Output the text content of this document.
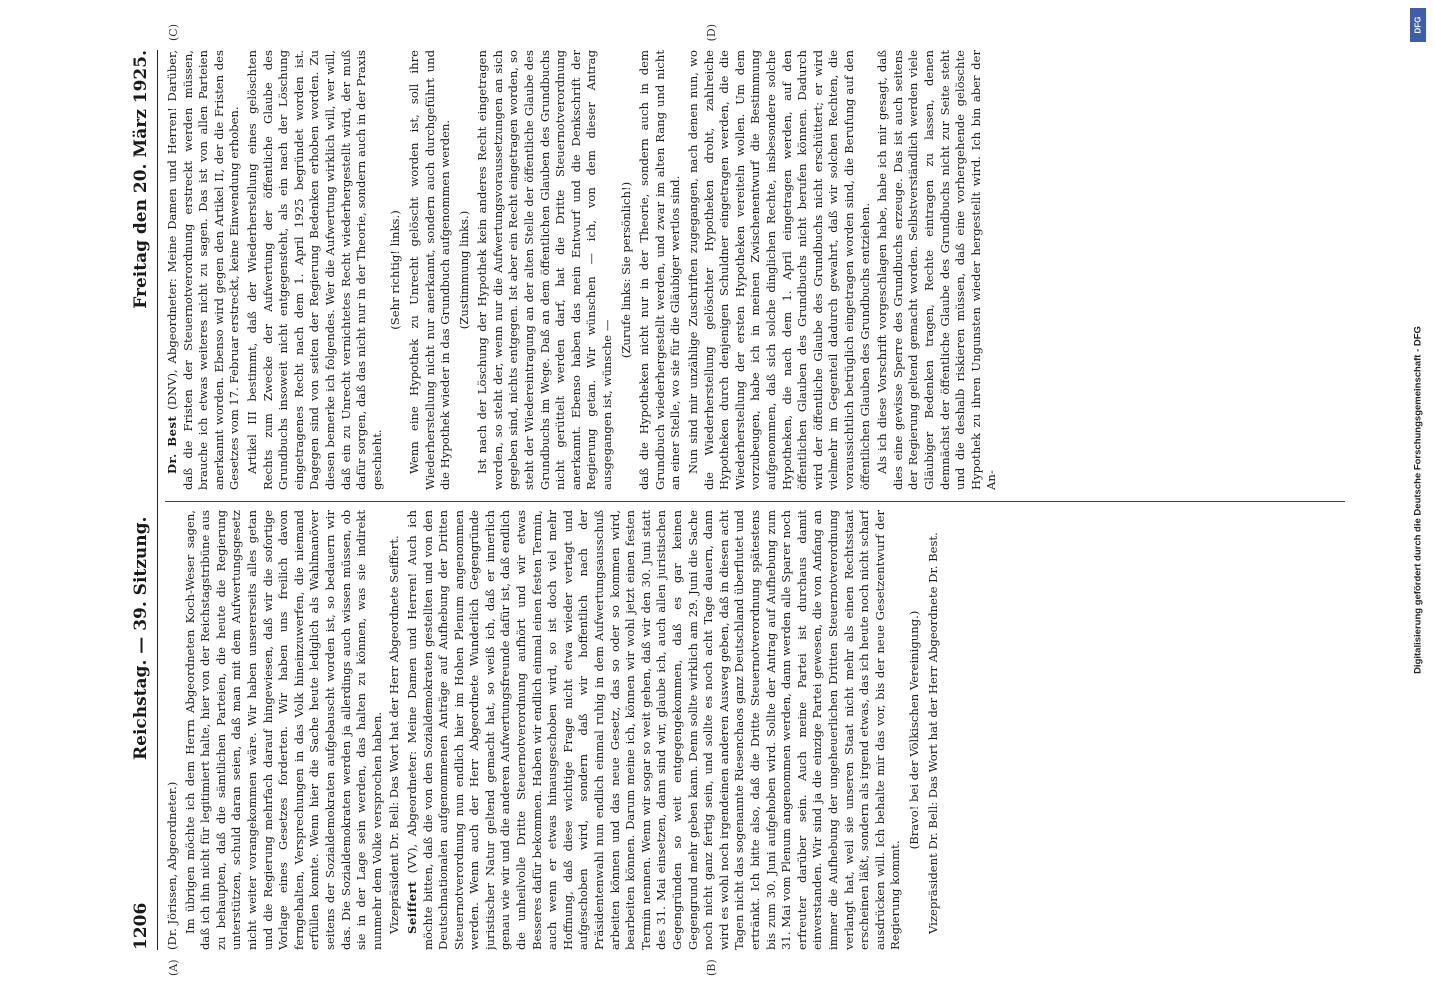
1206
Reichstag. — 39. Sitzung.
Freitag den 20. März 1925.
(A)	(B)
(C)	(D)

(Dr. Jörissen, Abgeordneter.) Im übrigen möchte ich dem Herrn Abgeordneten Koch-Weser sagen, daß ich ihn nicht für legitimiert halte, hier von der Reichstagstribüne aus zu behaupten, daß die sämtlichen Parteien, die heute die Regierung unterstützen, schuld daran seien, daß man mit dem Aufwertungsgesetz nicht weiter vorangekommen wäre. Wir haben unsererseits alles getan und die Regierung mehrfach darauf hingewiesen, daß wir die sofortige Vorlage eines Gesetzes forderten. Wir haben uns freilich davon ferngehalten, Versprechungen in das Volk hineinzuwerfen, die niemand erfüllen konnte. Wenn hier die Sache heute lediglich als Wahlmanöver seitens der Sozialdemokraten aufgebauscht worden ist, so bedauern wir das. Die Sozialdemokraten werden ja allerdings auch wissen müssen, ob sie in der Lage sein werden, das halten zu können, was sie indirekt nunmehr dem Volke versprochen haben. Vizepräsident Dr. Bell: Das Wort hat der Herr Abgeordnete Seiffert. Seiffert (VV), Abgeordneter: Meine Damen und Herren! Auch ich möchte bitten, daß die von den Sozialdemokraten gestellten und von den Deutschnationalen aufgenommenen Anträge auf Aufhebung der Dritten Steuernotverordnung nun endlich hier im Hohen Plenum angenommen werden. Wenn auch der Herr Abgeordnete Wunderlich Gegengründe juristischer Natur geltend gemacht hat, so weiß ich, daß er innerlich genau wie wir und die anderen Aufwertungsfreunde dafür ist, daß endlich die unheilvolle Dritte Steuernotverordnung aufhört und wir etwas Besseres dafür bekommen. Haben wir endlich einmal einen festen Termin, auch wenn er etwas hinausgeschoben wird, so ist doch viel mehr Hoffnung, daß diese wichtige Frage nicht etwa wieder vertagt und aufgeschoben wird, sondern daß wir hoffentlich nach der Präsidentenwahl nun endlich einmal ruhig in dem Aufwertungsausschuß arbeiten können und das neue Gesetz, das so oder so kommen wird, bearbeiten können. Darum meine ich, können wir wohl jetzt einen festen Termin nennen. Wenn wir sogar so weit gehen, daß wir den 30. Juni statt des 31. Mai einsetzen, dann sind wir, glaube ich, auch allen juristischen Gegengründen so weit entgegengekommen, daß es gar keinen Gegengrund mehr geben kann. Denn sollte wirklich am 29. Juni die Sache noch nicht ganz fertig sein, und sollte es noch acht Tage dauern, dann wird es wohl noch irgendeinen anderen Ausweg geben, daß in diesen acht Tagen nicht das sogenannte Riesenchaos ganz Deutschland überflutet und ertränkt. Ich bitte also, daß die Dritte Steuernotverordnung spätestens bis zum 30. Juni aufgehoben wird. Sollte der Antrag auf Aufhebung zum 31. Mai vom Plenum angenommen werden, dann werden alle Sparer noch erfreuter darüber sein. Auch meine Partei ist durchaus damit einverstanden. Wir sind ja die einzige Partei gewesen, die von Anfang an immer die Aufhebung der ungeheuerlichen Dritten Steuernotverordnung verlangt hat, weil sie unseren Staat nicht mehr als einen Rechtsstaat erscheinen läßt, sondern als irgend etwas, das ich heute noch nicht scharf ausdrücken will. Ich behalte mir das vor, bis der neue Gesetzentwurf der Regierung kommt.

(Bravo! bei der Völkischen Vereinigung.) Vizepräsident Dr. Bell: Das Wort hat der Herr Abgeordnete Dr. Best.

Dr. Best (DNV), Abgeordneter: Meine Damen und Herren! Darüber, daß die Fristen der Steuernotverordnung erstreckt werden müssen, brauche ich etwas weiteres nicht zu sagen. Das ist von allen Parteien anerkannt worden. Ebenso wird gegen den Artikel II, der die Fristen des Gesetzes vom 17. Februar erstreckt, keine Einwendung erhoben. Artikel III bestimmt, daß der Wiederherstellung eines gelöschten Rechts zum Zwecke der Aufwertung der öffentliche Glaube des Grundbuchs insoweit nicht entgegensteht, als ein nach der Löschung eingetragenes Recht nach dem 1. April 1925 begründet worden ist. Dagegen sind von seiten der Regierung Bedenken erhoben worden. Zu diesen bemerke ich folgendes. Wer die Aufwertung wirklich will, wer will, daß ein zu Unrecht vernichtetes Recht wiederhergestellt wird, der muß dafür sorgen, daß das nicht nur in der Theorie, sondern auch in der Praxis geschieht.

(Sehr richtig! links.) Wenn eine Hypothek zu Unrecht gelöscht worden ist, soll ihre Wiederherstellung nicht nur anerkannt, sondern auch durchgeführt und die Hypothek wieder in das Grundbuch aufgenommen werden. (Zustimmung links.) Ist nach der Löschung der Hypothek kein anderes Recht eingetragen worden, so steht der, wenn nur die Aufwertungsvoraussetzungen an sich gegeben sind, nichts entgegen. Ist aber ein Recht eingetragen worden, so steht der Wiedereintragung an der alten Stelle der öffentliche Glaube des Grundbuchs im Wege. Daß an dem öffentlichen Glauben des Grundbuchs nicht gerüttelt werden darf, hat die Dritte Steuernotverordnung anerkannt. Ebenso haben das mein Entwurf und die Denkschrift der Regierung getan. Wir wünschen — ich, von dem dieser Antrag ausgegangen ist, wünsche —

(Zurufe links: Sie persönlich!) daß die Hypotheken nicht nur in der Theorie, sondern auch in dem Grundbuch wiederhergestellt werden, und zwar im alten Rang und nicht an einer Stelle, wo sie für die Gläubiger wertlos sind. Nun sind mir unzählige Zuschriften zugegangen, nach denen nun, wo die Wiederherstellung gelöschter Hypotheken droht, zahlreiche Hypotheken durch denjenigen Schuldner eingetragen werden, die die Wiederherstellung der ersten Hypotheken vereiteln wollen. Um dem vorzubeugen, habe ich in meinen Zwischenentwurf die Bestimmung aufgenommen, daß sich solche dinglichen Rechte, insbesondere solche Hypotheken, die nach dem 1. April eingetragen werden, auf den öffentlichen Glauben des Grundbuchs nicht berufen können. Dadurch wird der öffentliche Glaube des Grundbuchs nicht erschüttert; er wird vielmehr im Gegenteil dadurch gewahrt, daß wir solchen Rechten, die voraussichtlich betrüglich eingetragen worden sind, die Berufung auf den öffentlichen Glauben des Grundbuchs entziehen. Als ich diese Vorschrift vorgeschlagen habe, habe ich mir gesagt, daß dies eine gewisse Sperre des Grundbuchs erzeuge. Das ist auch seitens der Regierung geltend gemacht worden. Selbstverständlich werden viele Gläubiger Bedenken tragen, Rechte eintragen zu lassen, denen demnächst der öffentliche Glaube des Grundbuchs nicht zur Seite steht und die deshalb riskieren müssen, daß eine vorhergehende gelöschte Hypothek zu ihren Ungunsten wieder hergestellt wird. Ich bin aber der An-	Digitalisierung gefördert durch die Deutsche Forschungsgemeinschaft - DFG
DFG
